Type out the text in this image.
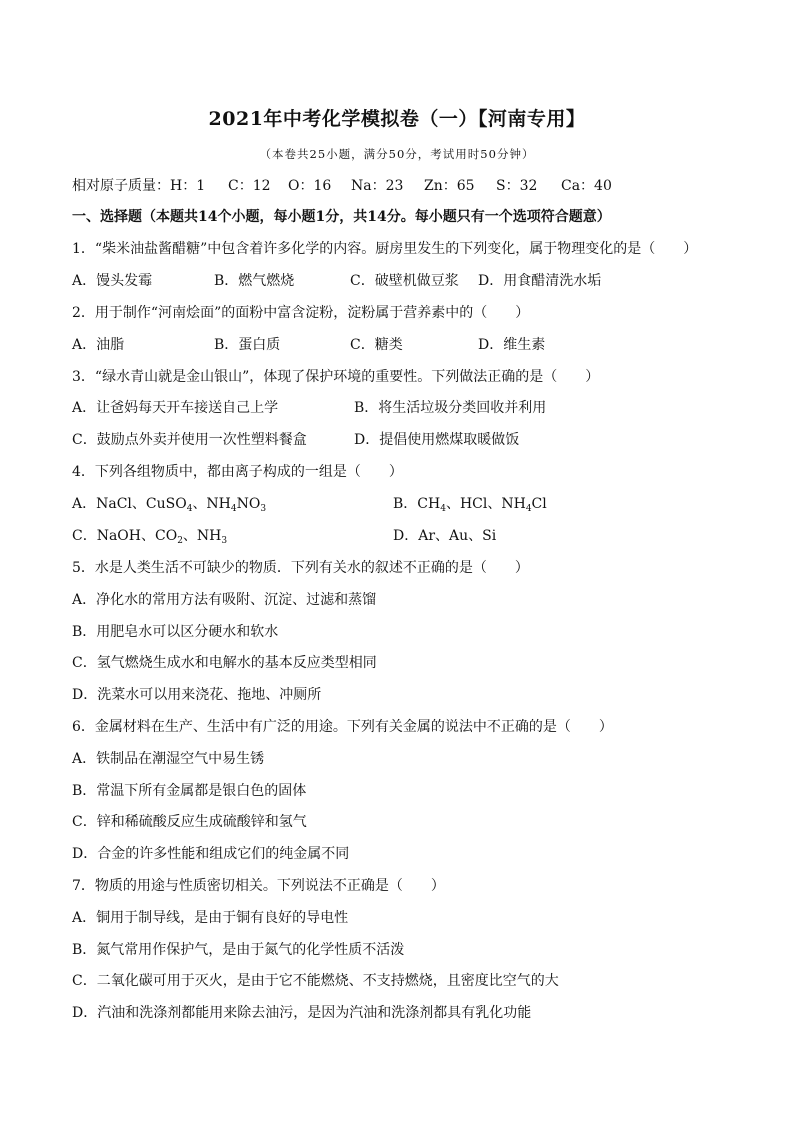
2021年中考化学模拟卷（一）【河南专用】
（本卷共25小题，满分50分，考试用时50分钟）
相对原子质量： H：1	C：12	O：16	Na：23	Zn：65	S：32	Ca：40
一、选择题（本题共14个小题，每小题1分，共14分。每小题只有一个选项符合题意）
1．“柴米油盐酱醋糖”中包含着许多化学的内容。厨房里发生的下列变化，属于物理变化的是（　　）
A．馒头发霉	B．燃气燃烧	C．破壁机做豆浆 D．用食醋清洗水垢
2．用于制作“河南烩面”的面粉中富含淀粉，淀粉属于营养素中的（　　）
A．油脂	B．蛋白质	C．糖类	D．维生素
3．“绿水青山就是金山银山”，体现了保护环境的重要性。下列做法正确的是（　　）
A．让爸妈每天开车接送自己上学	B．将生活垃圾分类回收并利用
C．鼓励点外卖并使用一次性塑料餐盒	D．提倡使用燃煤取暖做饭
4．下列各组物质中，都由离子构成的一组是（　　）
A．NaCl、CuSO$_4$、$NH_4NO_3$	B．$CH_4$、HCl、$NH_4Cl$
C．NaOH、$CO_2$、$NH_3$	D．Ar、Au、Si
5．水是人类生活不可缺少的物质．下列有关水的叙述不正确的是（　　）
A．净化水的常用方法有吸附、沉淀、过滤和蒸馏
B．用肥皂水可以区分硬水和软水
C．氢气燃烧生成水和电解水的基本反应类型相同
D．洗菜水可以用来浇花、拖地、冲厕所
6．金属材料在生产、生活中有广泛的用途。下列有关金属的说法中不正确的是（　　）
A．铁制品在潮湿空气中易生锈
B．常温下所有金属都是银白色的固体
C．锌和稀硫酸反应生成硫酸锌和氢气
D．合金的许多性能和组成它们的纯金属不同
7．物质的用途与性质密切相关。下列说法不正确是（　　）
A．铜用于制导线，是由于铜有良好的导电性
B．氮气常用作保护气，是由于氮气的化学性质不活泼
C．二氧化碳可用于灭火，是由于它不能燃烧、不支持燃烧，且密度比空气的大
D．汽油和洗涤剂都能用来除去油污，是因为汽油和洗涤剂都具有乳化功能
